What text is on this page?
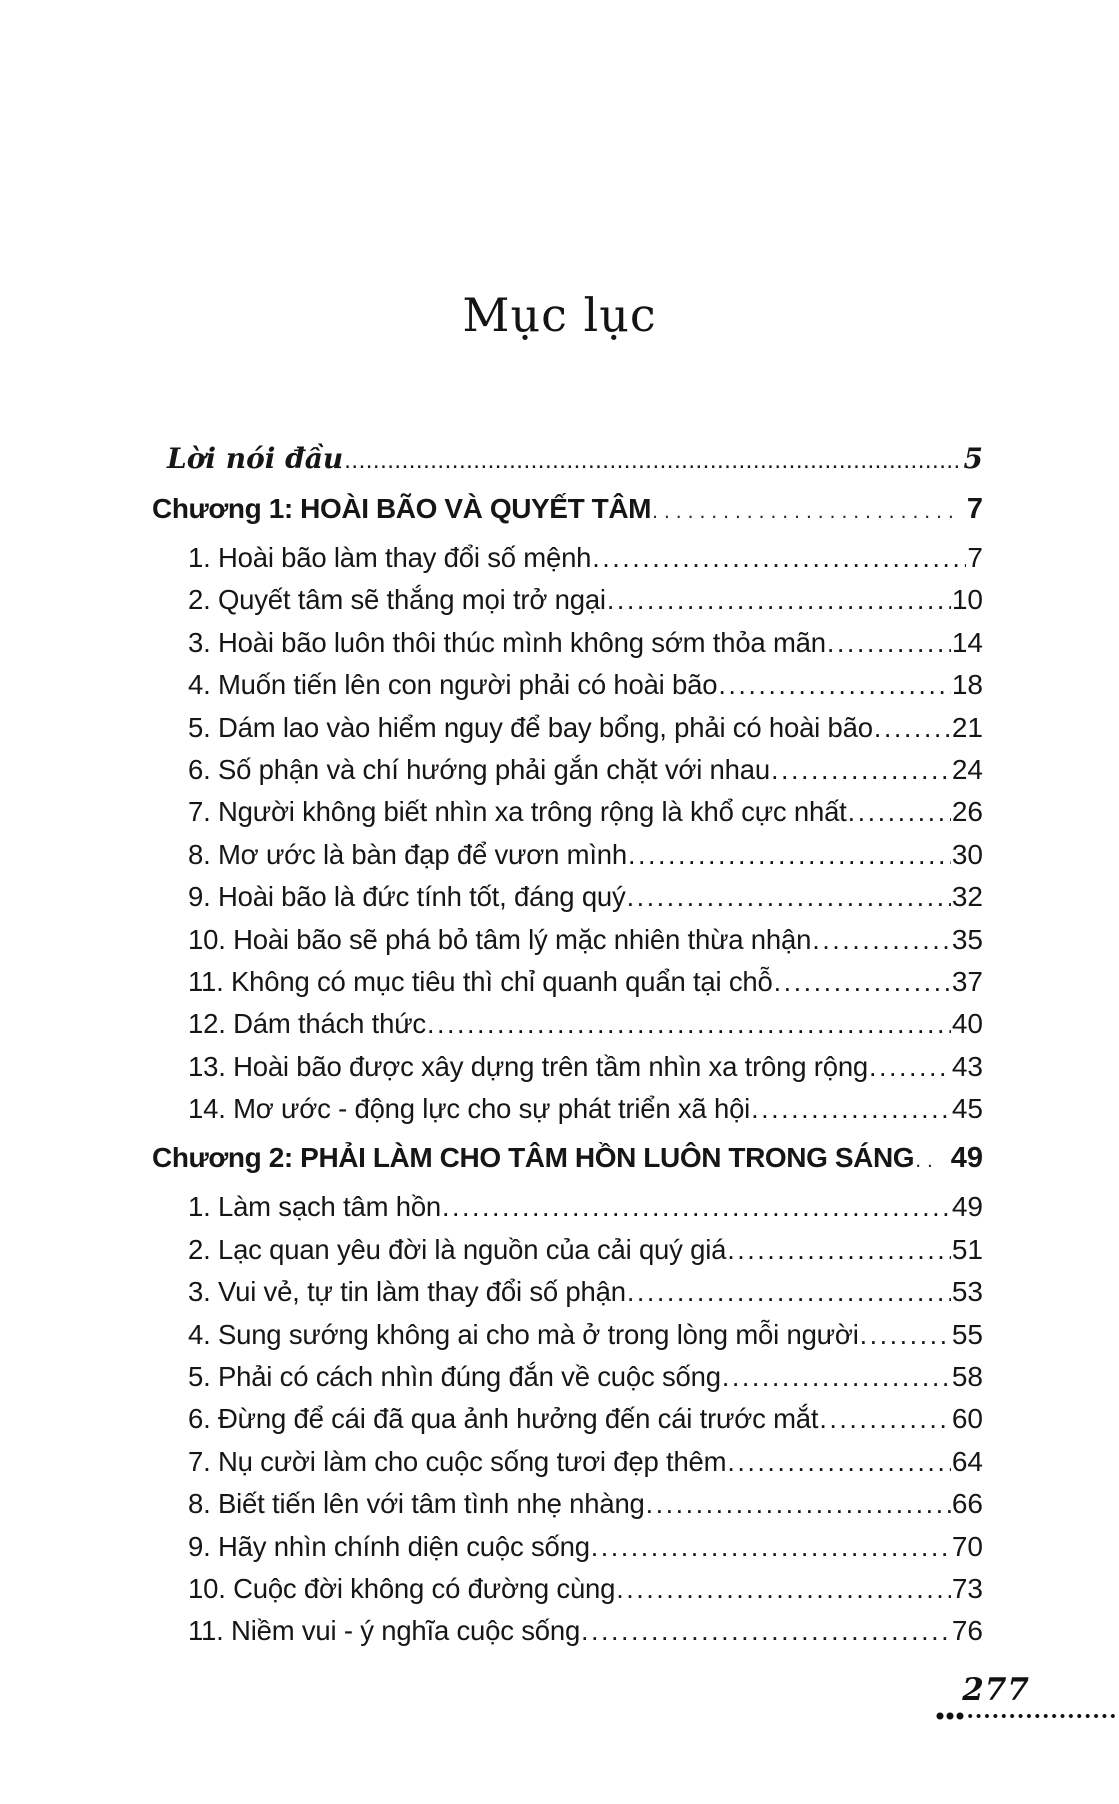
Mục lục
Lời nói đầu .....	5
Chương 1: HOÀI BÃO VÀ QUYẾT TÂM .....	7
1. Hoài bão làm thay đổi số mệnh .....	7
2. Quyết tâm sẽ thắng mọi trở ngại .....	10
3. Hoài bão luôn thôi thúc mình không sớm thỏa mãn .....	14
4. Muốn tiến lên con người phải có hoài bão .....	18
5. Dám lao vào hiểm nguy để bay bổng, phải có hoài bão .....	21
6. Số phận và chí hướng phải gắn chặt với nhau .....	24
7. Người không biết nhìn xa trông rộng là khổ cực nhất .....	26
8. Mơ ước là bàn đạp để vươn mình .....	30
9. Hoài bão là đức tính tốt, đáng quý .....	32
10. Hoài bão sẽ phá bỏ tâm lý mặc nhiên thừa nhận .....	35
11. Không có mục tiêu thì chỉ quanh quẩn tại chỗ .....	37
12. Dám thách thức .....	40
13. Hoài bão được xây dựng trên tầm nhìn xa trông rộng .....	43
14. Mơ ước - động lực cho sự phát triển xã hội .....	45
Chương 2: PHẢI LÀM CHO TÂM HỒN LUÔN TRONG SÁNG .....	49
1. Làm sạch tâm hồn .....	49
2. Lạc quan yêu đời là nguồn của cải quý giá .....	51
3. Vui vẻ, tự tin làm thay đổi số phận .....	53
4. Sung sướng không ai cho mà ở trong lòng mỗi người .....	55
5. Phải có cách nhìn đúng đắn về cuộc sống .....	58
6. Đừng để cái đã qua ảnh hưởng đến cái trước mắt .....	60
7. Nụ cười làm cho cuộc sống tươi đẹp thêm .....	64
8. Biết tiến lên với tâm tình nhẹ nhàng .....	66
9. Hãy nhìn chính diện cuộc sống .....	70
10. Cuộc đời không có đường cùng .....	73
11. Niềm vui - ý nghĩa cuộc sống .....	76
277
